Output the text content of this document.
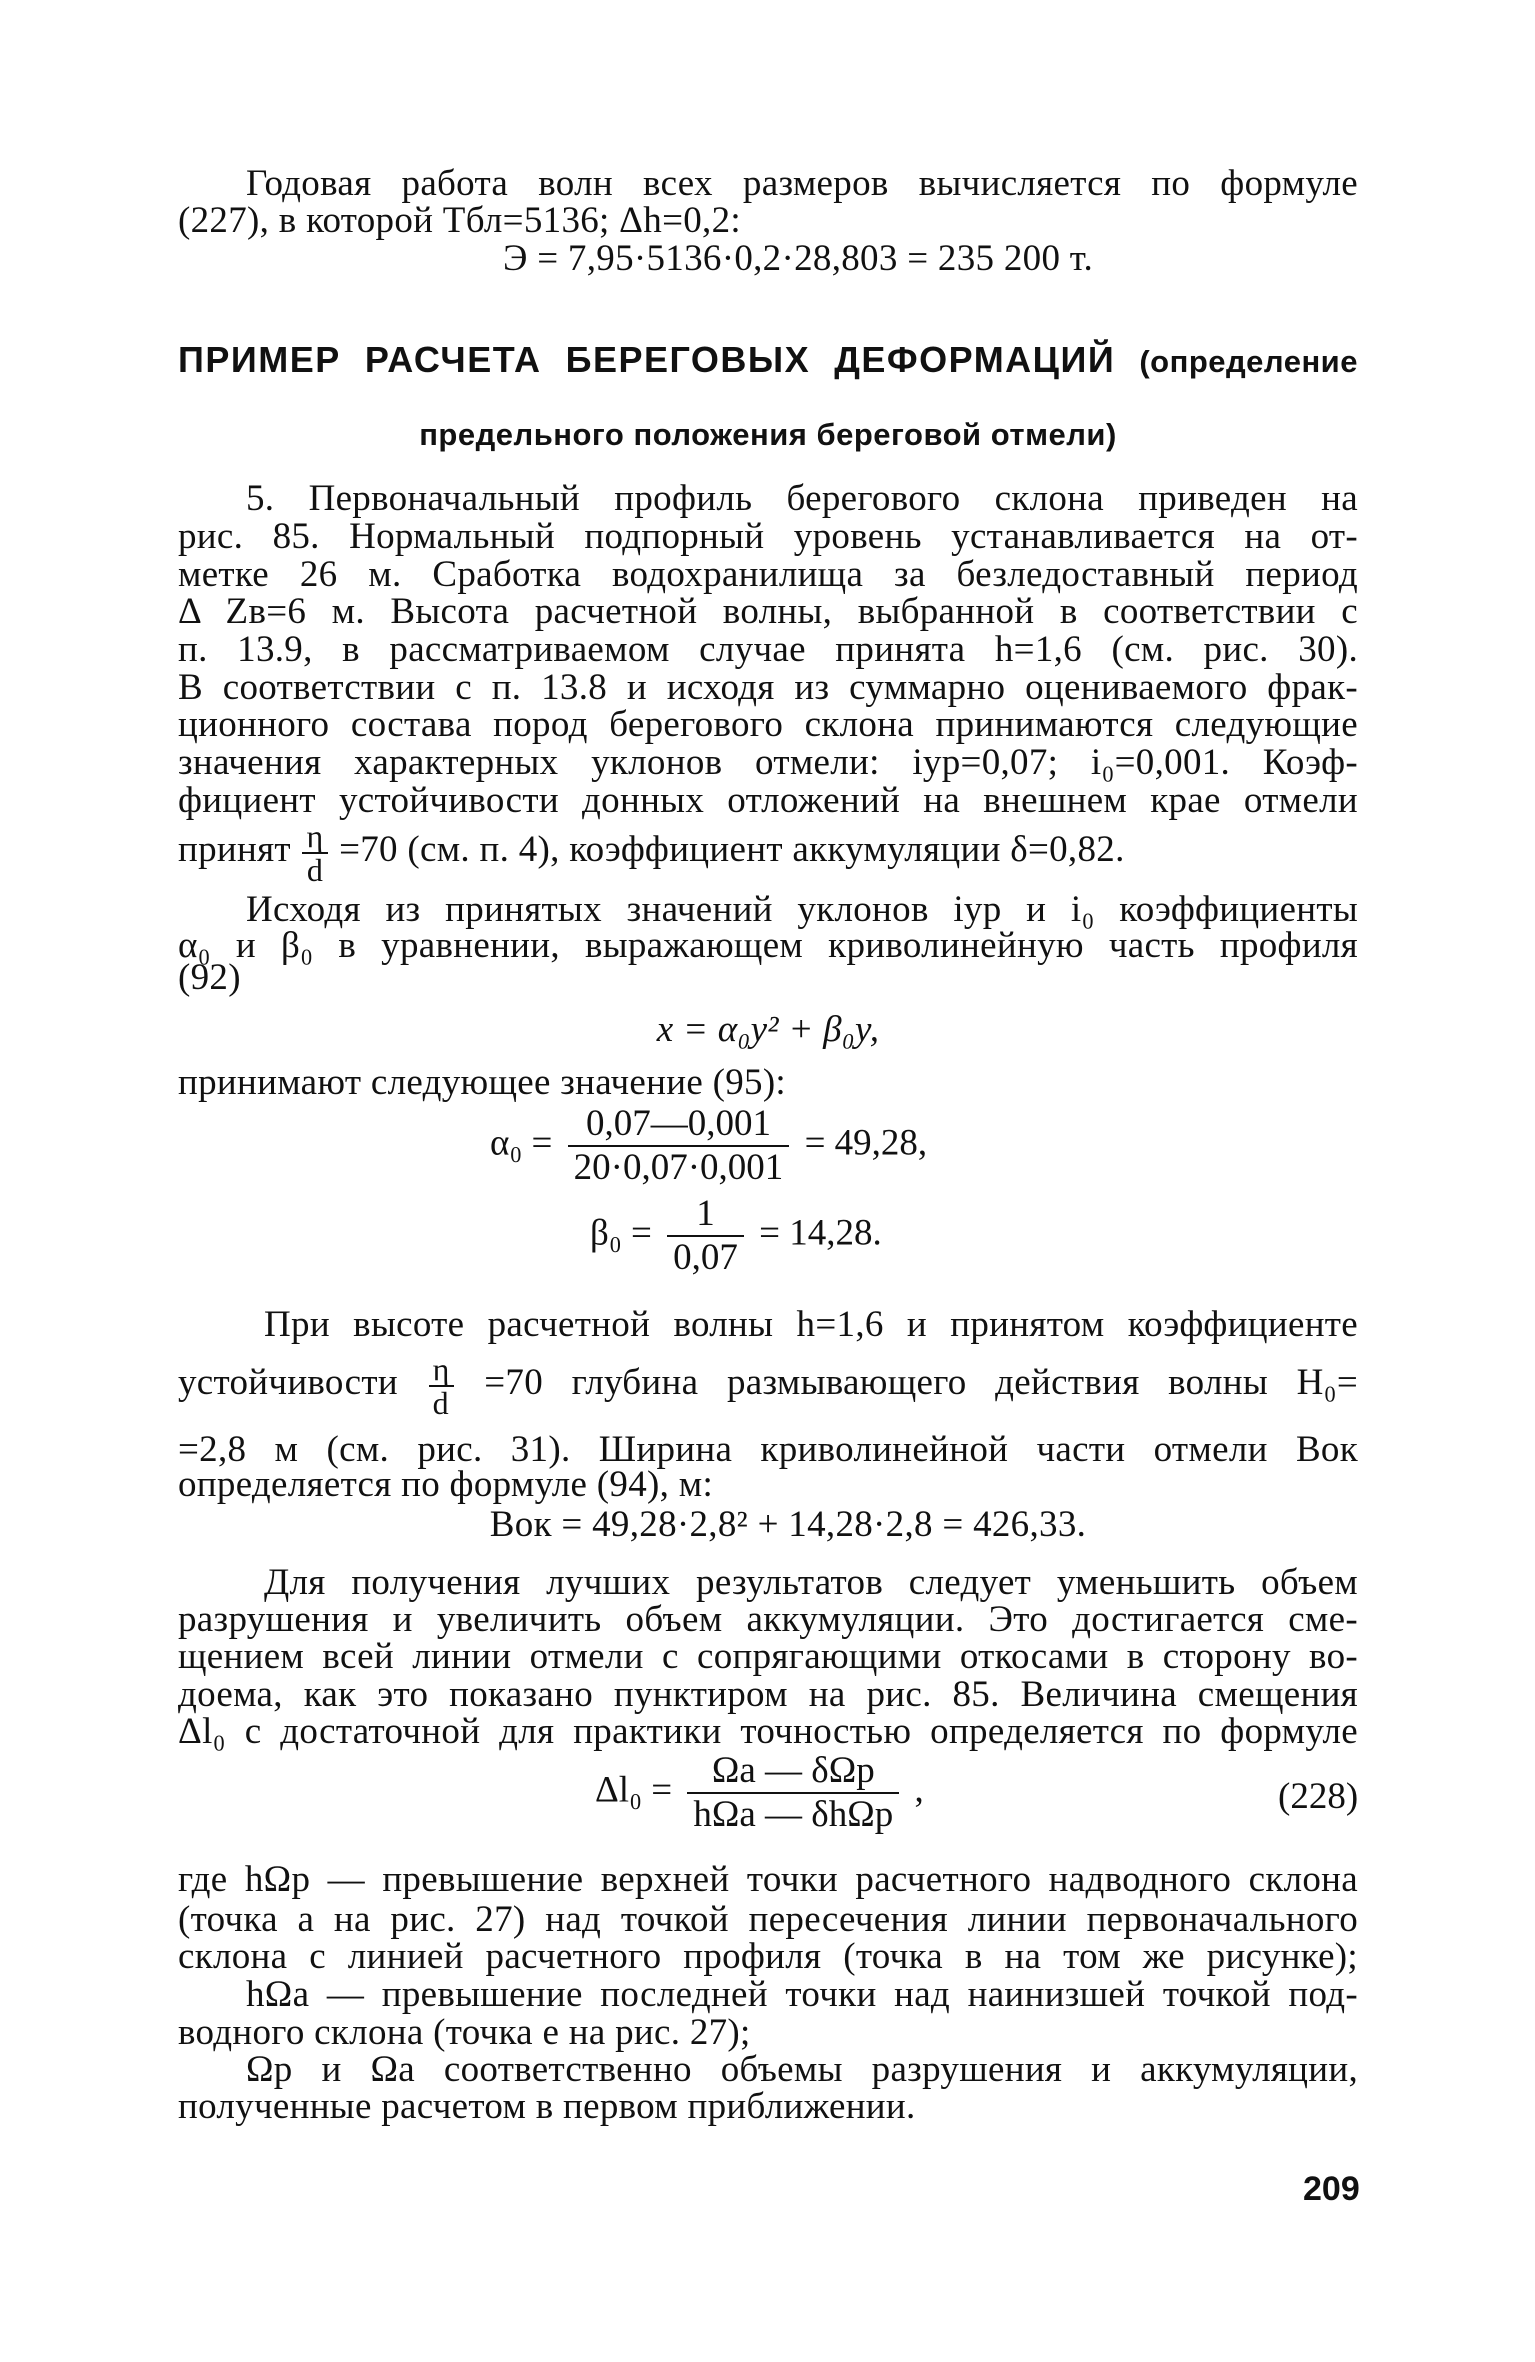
Годовая работа волн всех размеров вычисляется по формуле
(227), в которой Тбл=5136; Δh=0,2:
Э = 7,95·5136·0,2·28,803 = 235 200 т.
ПРИМЕР РАСЧЕТА БЕРЕГОВЫХ ДЕФОРМАЦИЙ (определение
предельного положения береговой отмели)
5. Первоначальный профиль берегового склона приведен на
рис. 85. Нормальный подпорный уровень устанавливается на от-
метке 26 м. Сработка водохранилища за безледоставный период
Δ Zв=6 м. Высота расчетной волны, выбранной в соответствии с
п. 13.9, в рассматриваемом случае принята h=1,6 (см. рис. 30).
В соответствии с п. 13.8 и исходя из суммарно оцениваемого фрак-
ционного состава пород берегового склона принимаются следующие
значения характерных уклонов отмели: iур=0,07; i₀=0,001. Коэф-
фициент устойчивости донных отложений на внешнем крае отмели
принят $\frac{\eta}{d} =70$ (см. п. 4), коэффициент аккумуляции δ=0,82.
Исходя из принятых значений уклонов iур и i₀ коэффициенты
α₀ и β₀ в уравнении, выражающем криволинейную часть профиля
(92)
x = α₀y² + β₀y,
принимают следующее значение (95):
$\alpha_0 = \frac{0,07—0,001}{20\cdot 0,07\cdot 0,001} = 49,28$,
$\beta_0 = \frac{1}{0,07} = 14,28$.
При высоте расчетной волны h=1,6 и принятом коэффициенте
устойчивости $\frac{\eta}{d} =70$ глубина размывающего действия волны H₀=
=2,8 м (см. рис. 31). Ширина криволинейной части отмели Bок
определяется по формуле (94), м:
Bок = 49,28·2,8² + 14,28·2,8 = 426,33.
Для получения лучших результатов следует уменьшить объем
разрушения и увеличить объем аккумуляции. Это достигается сме-
щением всей линии отмели с сопрягающими откосами в сторону во-
доема, как это показано пунктиром на рис. 85. Величина смещения
Δl₀ с достаточной для практики точностью определяется по формуле
$\Delta l_0 = \frac{\text{Ωа — δΩр}}{\text{hΩа — δhΩр}}$ ,	(228)
где hΩр — превышение верхней точки расчетного надводного склона
(точка а на рис. 27) над точкой пересечения линии первоначального
склона с линией расчетного профиля (точка в на том же рисунке);
hΩа — превышение последней точки над наинизшей точкой под-
водного склона (точка е на рис. 27);
Ωр и Ωа соответственно объемы разрушения и аккумуляции,
полученные расчетом в первом приближении.
209
